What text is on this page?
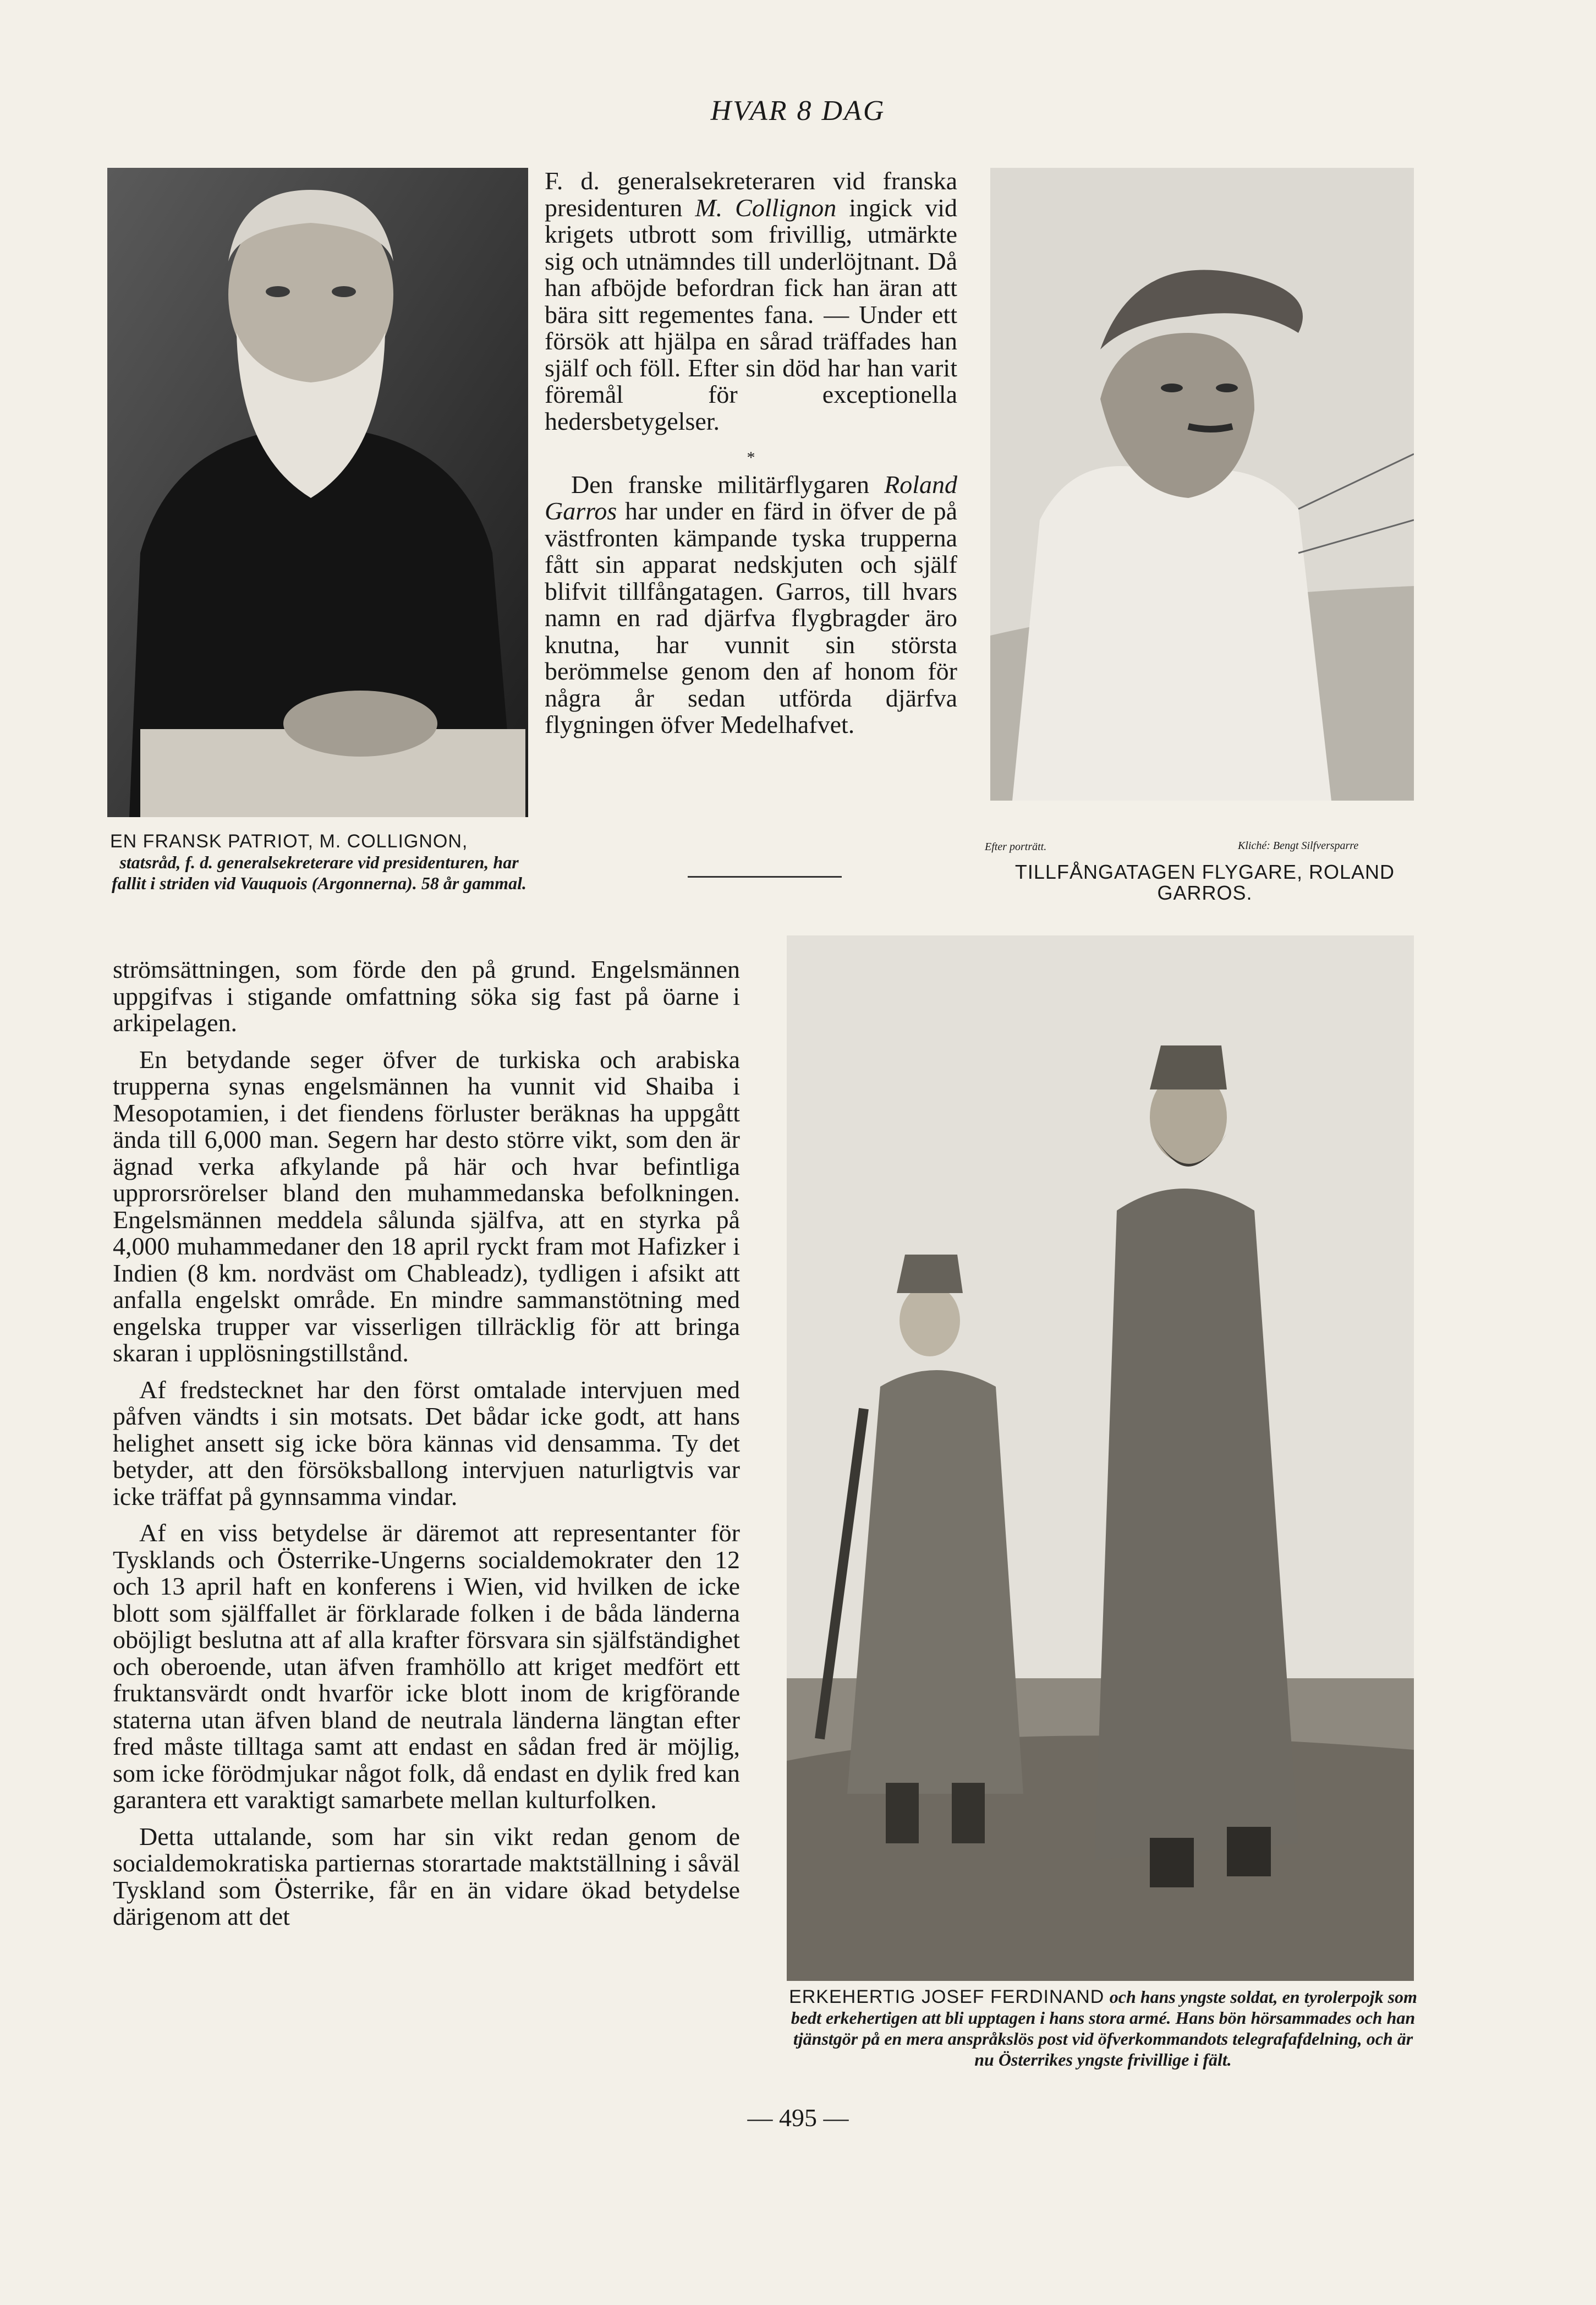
HVAR 8 DAG
EN FRANSK PATRIOT, M. COLLIGNON,
statsråd, f. d. generalsekreterare vid presidenturen, har fallit i striden vid Vauquois (Argonnerna). 58 år gammal.

F. d. generalsekreteraren vid franska presidenturen M. Collignon ingick vid krigets utbrott som frivillig, utmärkte sig och utnämndes till underlöjtnant. Då han afböjde befordran fick han äran att bära sitt regementes fana. — Under ett försök att hjälpa en sårad träffades han själf och föll. Efter sin död har han varit föremål för exceptionella hedersbetygelser.

*

Den franske militärflygaren Roland Garros har under en färd in öfver de på västfronten kämpande tyska trupperna fått sin apparat nedskjuten och själf blifvit tillfångatagen. Garros, till hvars namn en rad djärfva flygbragder äro knutna, har vunnit sin största berömmelse genom den af honom för några år sedan utförda djärfva flygningen öfver Medelhafvet.

Efter porträtt.	Kliché: Bengt Silfversparre
TILLFÅNGATAGEN FLYGARE, ROLAND GARROS.

strömsättningen, som förde den på grund. Engelsmännen uppgifvas i stigande omfattning söka sig fast på öarne i arkipelagen.

En betydande seger öfver de turkiska och arabiska trupperna synas engelsmännen ha vunnit vid Shaiba i Mesopotamien, i det fiendens förluster beräknas ha uppgått ända till 6,000 man. Segern har desto större vikt, som den är ägnad verka afkylande på här och hvar befintliga upprorsrörelser bland den muhammedanska befolkningen. Engelsmännen meddela sålunda själfva, att en styrka på 4,000 muhammedaner den 18 april ryckt fram mot Hafizker i Indien (8 km. nordväst om Chableadz), tydligen i afsikt att anfalla engelskt område. En mindre sammanstötning med engelska trupper var visserligen tillräcklig för att bringa skaran i upplösningstillstånd.

Af fredstecknet har den först omtalade intervjuen med påfven vändts i sin motsats. Det bådar icke godt, att hans helighet ansett sig icke böra kännas vid densamma. Ty det betyder, att den försöksballong intervjuen naturligtvis var icke träffat på gynnsamma vindar.

Af en viss betydelse är däremot att representanter för Tysklands och Österrike-Ungerns socialdemokrater den 12 och 13 april haft en konferens i Wien, vid hvilken de icke blott som själffallet är förklarade folken i de båda länderna oböjligt beslutna att af alla krafter försvara sin själfständighet och oberoende, utan äfven framhöllo att kriget medfört ett fruktansvärdt ondt hvarför icke blott inom de krigförande staterna utan äfven bland de neutrala länderna längtan efter fred måste tilltaga samt att endast en sådan fred är möjlig, som icke förödmjukar något folk, då endast en dylik fred kan garantera ett varaktigt samarbete mellan kulturfolken.

Detta uttalande, som har sin vikt redan genom de socialdemokratiska partiernas storartade maktställning i såväl Tyskland som Österrike, får en än vidare ökad betydelse därigenom att det

ERKEHERTIG JOSEF FERDINAND och hans yngste soldat, en tyrolerpojk som bedt erkehertigen att bli upptagen i hans stora armé. Hans bön hörsammades och han tjänstgör på en mera anspråkslös post vid öfverkommandots telegrafafdelning, och är nu Österrikes yngste frivillige i fält.
— 495 —
